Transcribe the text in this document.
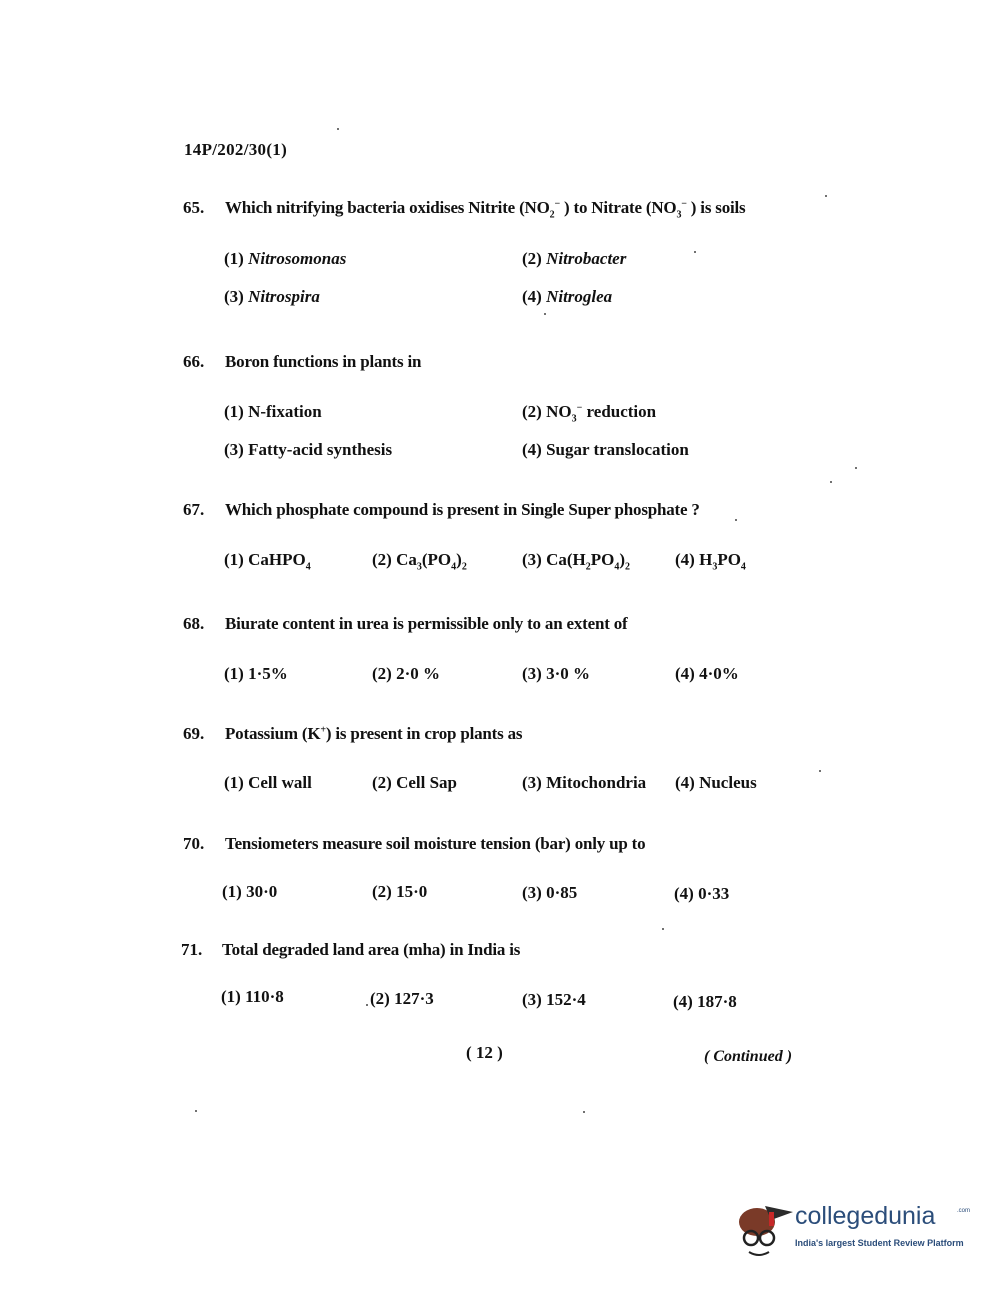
14P/202/30(1)
65. Which nitrifying bacteria oxidises Nitrite ($NO_2^-$ ) to Nitrate ($NO_3^-$ ) is soils
(1) Nitrosomonas	(2) Nitrobacter
(3) Nitrospira	(4) Nitroglea
66. Boron functions in plants in
(1) N-fixation	(2) $NO_3^-$ reduction
(3) Fatty-acid synthesis	(4) Sugar translocation
67. Which phosphate compound is present in Single Super phosphate ?
(1) CaHPO$_4$	(2) $Ca_3(PO_4)_2$	(3) $Ca(H_2PO_4)_2$	(4) $H_3PO_4$
68. Biurate content in urea is permissible only to an extent of
(1) 1·5%	(2) 2·0 %	(3) 3·0 %	(4) 4·0%
69. Potassium (K+) is present in crop plants as
(1) Cell wall	(2) Cell Sap	(3) Mitochondria (4) Nucleus
70. Tensiometers measure soil moisture tension (bar) only up to
(1) 30·0	(2) 15·0	(3) 0·85	(4) 0·33
71. Total degraded land area (mha) in India is
(1) 110·8	(2) 127·3	(3) 152·4	(4) 187·8
( 12 )	( Continued )
collegedunia	.com
India's largest Student Review Platform
